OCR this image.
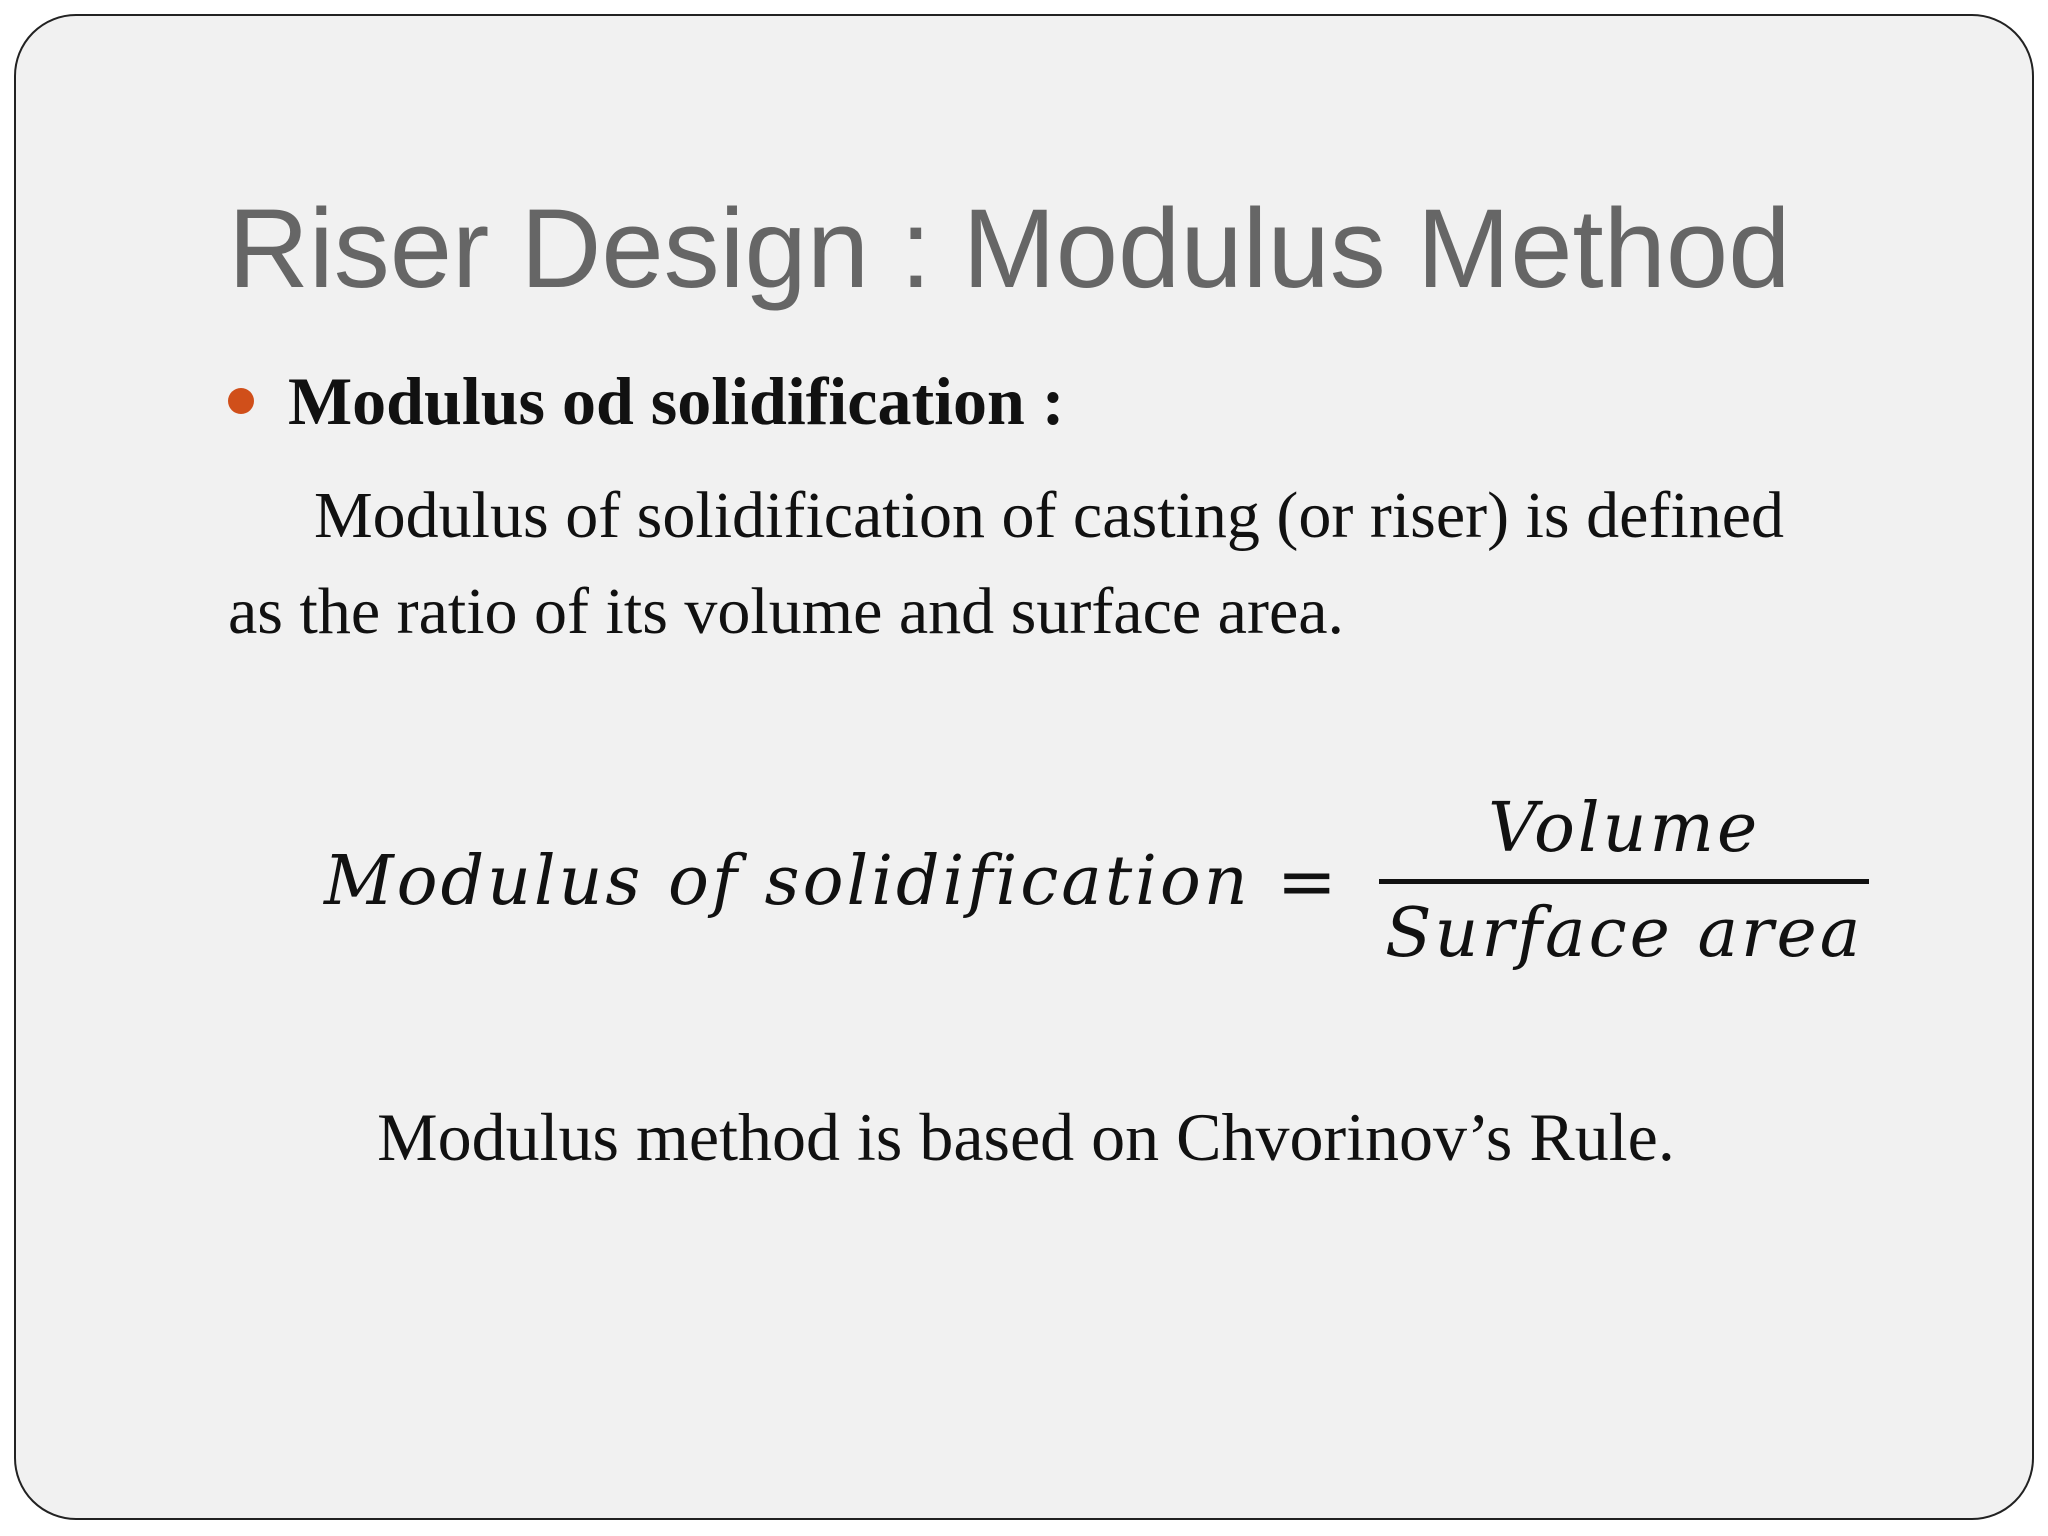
Riser Design : Modulus Method
Modulus od solidification :
Modulus of solidification of casting (or riser) is defined
as the ratio of its volume and surface area.
Modulus of solidification =
Volume
Surface area
Modulus method is based on Chvorinov’s Rule.
